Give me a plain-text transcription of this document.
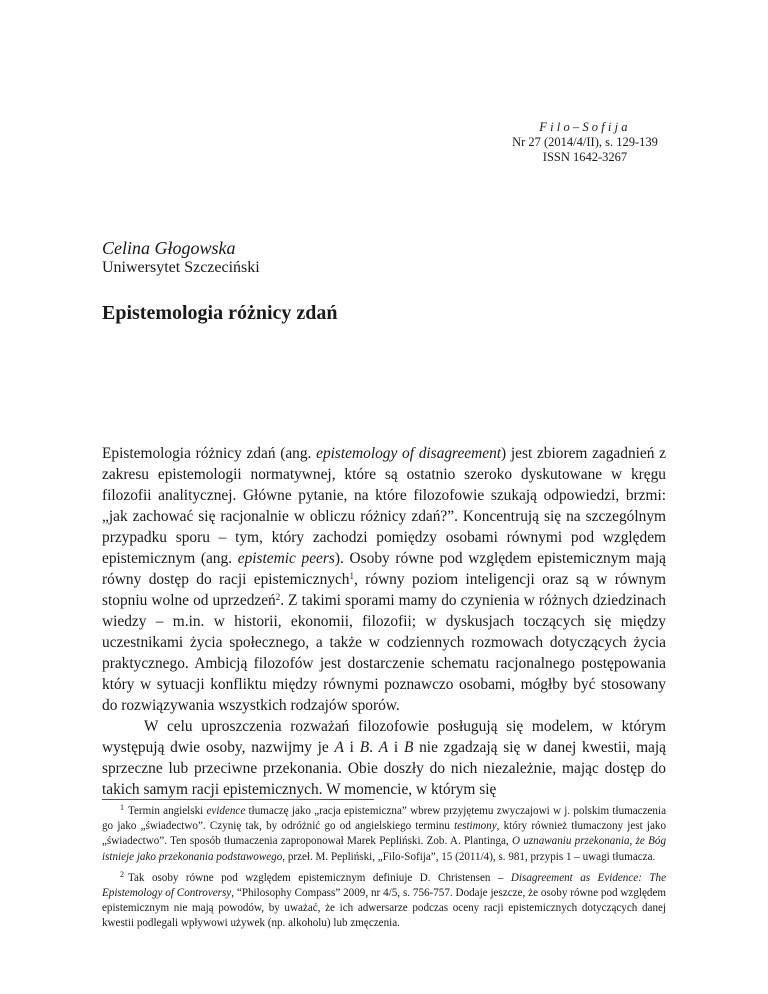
Filo–Sofija
Nr 27 (2014/4/II), s. 129-139
ISSN 1642-3267
Celina Głogowska
Uniwersytet Szczeciński
Epistemologia różnicy zdań

Epistemologia różnicy zdań (ang. epistemology of disagreement) jest zbiorem zagadnień z zakresu epistemologii normatywnej, które są ostatnio szeroko dyskutowane w kręgu filozofii analitycznej. Główne pytanie, na które filozofowie szukają odpowiedzi, brzmi: „jak zachować się racjonalnie w obliczu różnicy zdań?”. Koncentrują się na szczególnym przypadku sporu – tym, który zachodzi pomiędzy osobami równymi pod względem epistemicznym (ang. epistemic peers). Osoby równe pod względem epistemicznym mają równy dostęp do racji epistemicznych$^1$, równy poziom inteligencji oraz są w równym stopniu wolne od uprzedzeń$^2$. Z takimi sporami mamy do czynienia w różnych dziedzinach wiedzy – m.in. w historii, ekonomii, filozofii; w dyskusjach toczących się między uczestnikami życia społecznego, a także w codziennych rozmowach dotyczących życia praktycznego. Ambicją filozofów jest dostarczenie schematu racjonalnego postępowania który w sytuacji konfliktu między równymi poznawczo osobami, mógłby być stosowany do rozwiązywania wszystkich rodzajów sporów.

W celu uproszczenia rozważań filozofowie posługują się modelem, w którym występują dwie osoby, nazwijmy je A i B. A i B nie zgadzają się w danej kwestii, mają sprzeczne lub przeciwne przekonania. Obie doszły do nich niezależnie, mając dostęp do takich samym racji epistemicznych. W momencie, w którym się

$^1$ Termin angielski evidence tłumaczę jako „racja epistemiczna” wbrew przyjętemu zwyczajowi w j. polskim tłumaczenia go jako „świadectwo”. Czynię tak, by odróżnić go od angielskiego terminu testimony, który również tłumaczony jest jako „świadectwo”. Ten sposób tłumaczenia zaproponował Marek Pepliński. Zob. A. Plantinga, O uznawaniu przekonania, że Bóg istnieje jako przekonania podstawowego, przeł. M. Pepliński, „Filo-Sofija”, 15 (2011/4), s. 981, przypis 1 – uwagi tłumacza.

$^2$ Tak osoby równe pod względem epistemicznym definiuje D. Christensen – Disagreement as Evidence: The Epistemology of Controversy, “Philosophy Compass” 2009, nr 4/5, s. 756-757. Dodaje jeszcze, że osoby równe pod względem epistemicznym nie mają powodów, by uważać, że ich adwersarze podczas oceny racji epistemicznych dotyczących danej kwestii podlegali wpływowi używek (np. alkoholu) lub zmęczenia.
